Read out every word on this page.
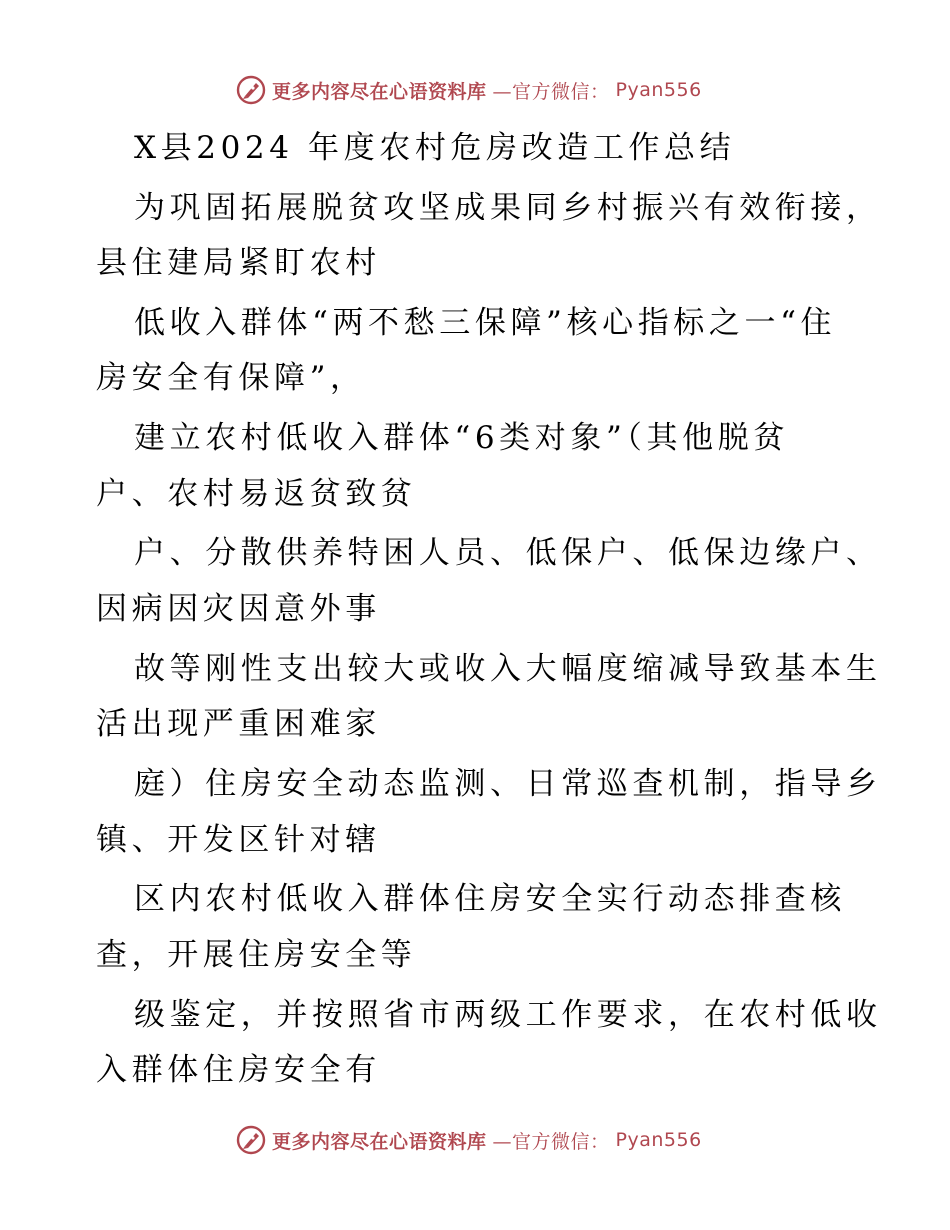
更多内容尽在心语资料库 —官方微信： Pyan556
X县2024 年度农村危房改造工作总结
为巩固拓展脱贫攻坚成果同乡村振兴有效衔接，
县住建局紧盯农村
低收入群体“两不愁三保障”核心指标之一“住
房安全有保障”，
建立农村低收入群体“6类对象”（其他脱贫
户、农村易返贫致贫
户、分散供养特困人员、低保户、低保边缘户、
因病因灾因意外事
故等刚性支出较大或收入大幅度缩减导致基本生
活出现严重困难家
庭）住房安全动态监测、日常巡查机制，指导乡
镇、开发区针对辖
区内农村低收入群体住房安全实行动态排查核
查，开展住房安全等
级鉴定，并按照省市两级工作要求，在农村低收
入群体住房安全有
更多内容尽在心语资料库 —官方微信： Pyan556
